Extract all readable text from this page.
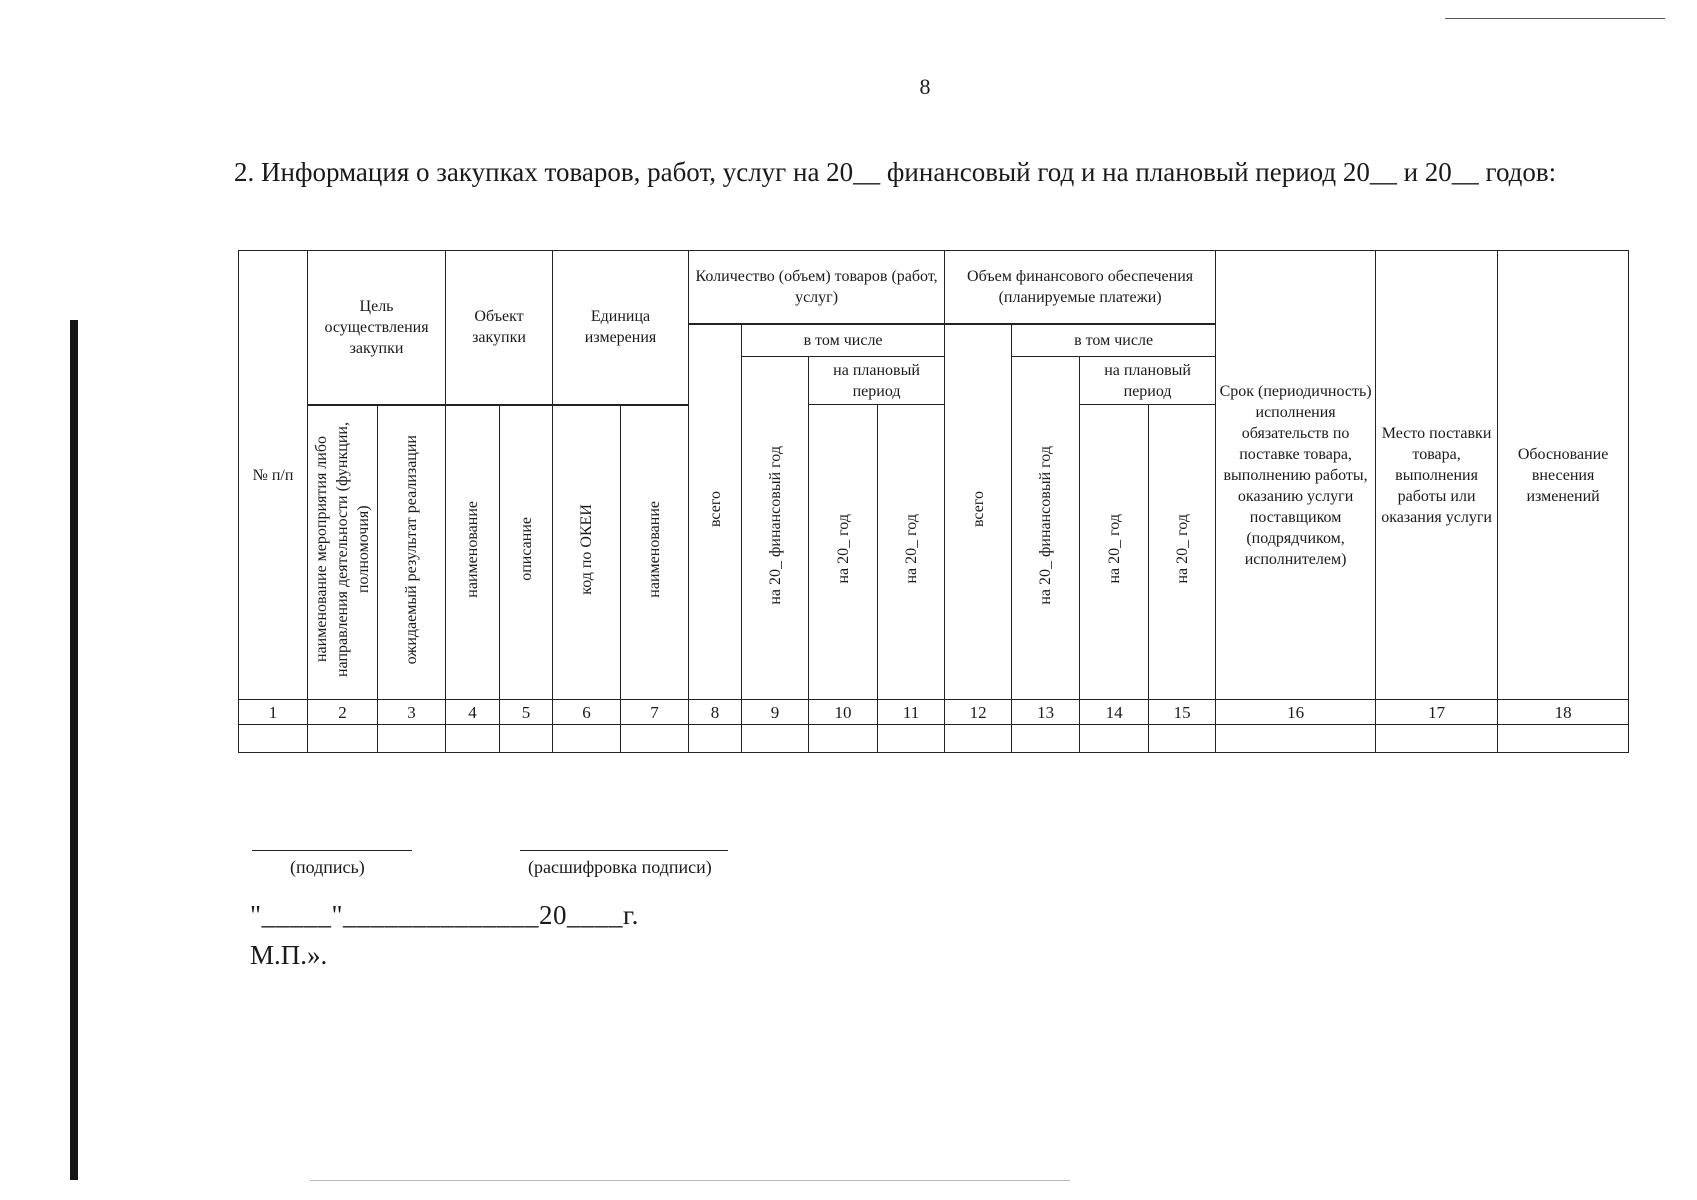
8
2. Информация о закупках товаров, работ, услуг на 20__ финансовый год и на плановый период 20__ и 20__ годов:
№ п/п	Цель осуществления закупки		Объект закупки		Единица измерения		Количество (объем) товаров (работ, услуг)				Объем финансового обеспечения (планируемые платежи)				Срок (периодичность) исполнения обязательств по поставке товара, выполнению работы, оказанию услуги поставщиком (подрядчиком, исполнителем)	Место поставки товара, выполнения работы или оказания услуги	Обоснование внесения изменений
							всего	в том числе			всего	в том числе					
								на 20_ финансовый год	на плановый период			на 20_ финансовый год	на плановый период				
	наименование мероприятия либо направления деятельности (функции, полномочия)	ожидаемый результат реализации	наименование	описание	код по ОКЕИ	наименование			на 20_ год	на 20_ год			на 20_ год	на 20_ год			
1	2	3	4	5	6	7	8	9	10	11	12	13	14	15	16	17	18

(подпись)	(расшифровка подписи)
"_____"______________20____г.
М.П.».
